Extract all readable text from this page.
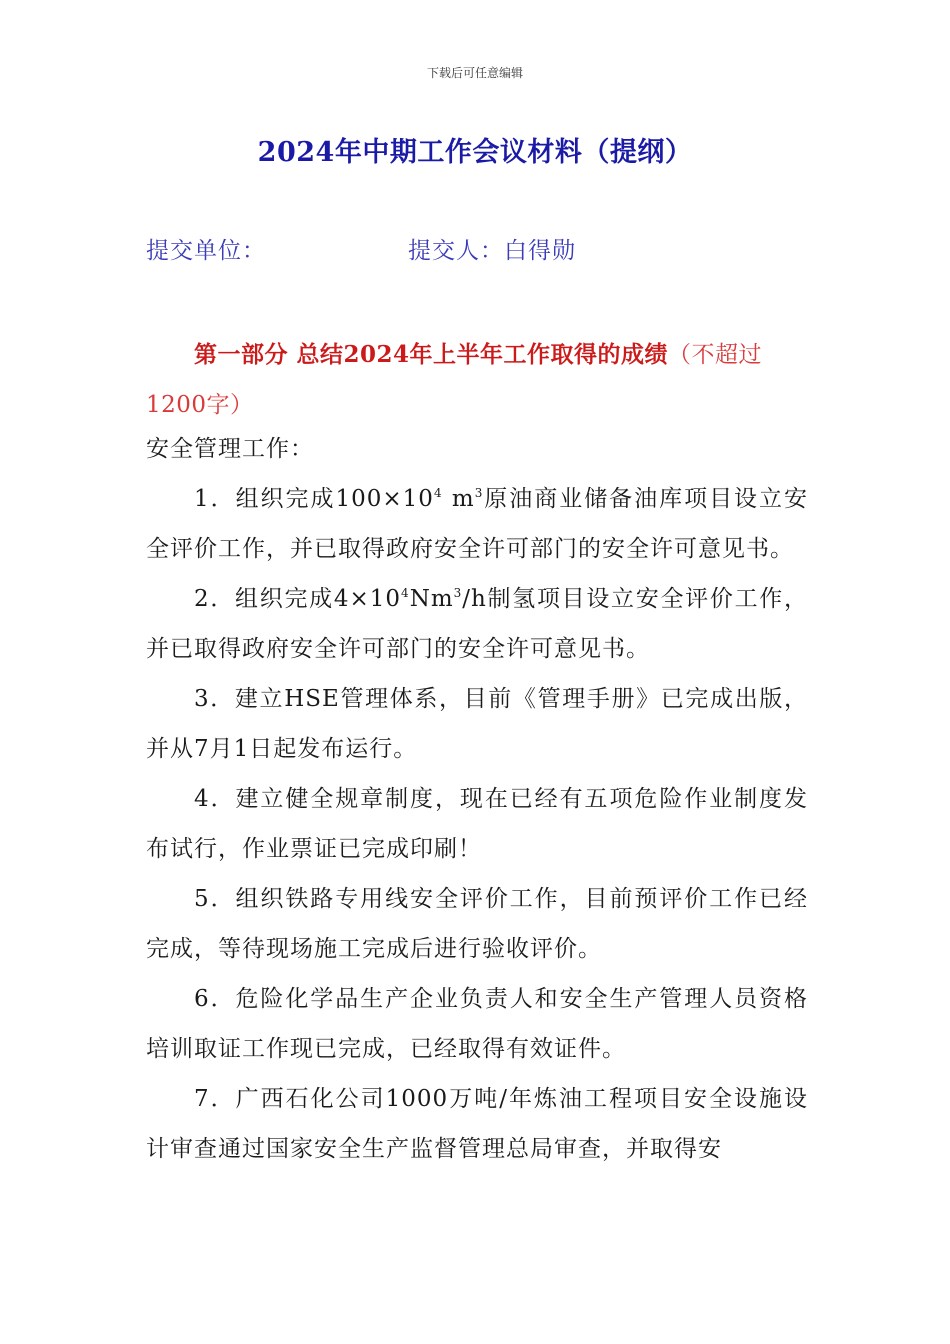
下载后可任意编辑
2024年中期工作会议材料（提纲）
提交单位：	提交人：白得勋
第一部分 总结2024年上半年工作取得的成绩（不超过1200字）

安全管理工作：

1．组织完成$100\times 10^4$ $m^3$原油商业储备油库项目设立安全评价工作，并已取得政府安全许可部门的安全许可意见书。

2．组织完成$4\times 10^4Nm^3/h$制氢项目设立安全评价工作，并已取得政府安全许可部门的安全许可意见书。

3．建立HSE管理体系，目前《管理手册》已完成出版，并从7月1日起发布运行。

4．建立健全规章制度，现在已经有五项危险作业制度发布试行，作业票证已完成印刷！

5．组织铁路专用线安全评价工作，目前预评价工作已经完成，等待现场施工完成后进行验收评价。

6．危险化学品生产企业负责人和安全生产管理人员资格培训取证工作现已完成，已经取得有效证件。

7．广西石化公司1000万吨/年炼油工程项目安全设施设计审查通过国家安全生产监督管理总局审查，并取得安
